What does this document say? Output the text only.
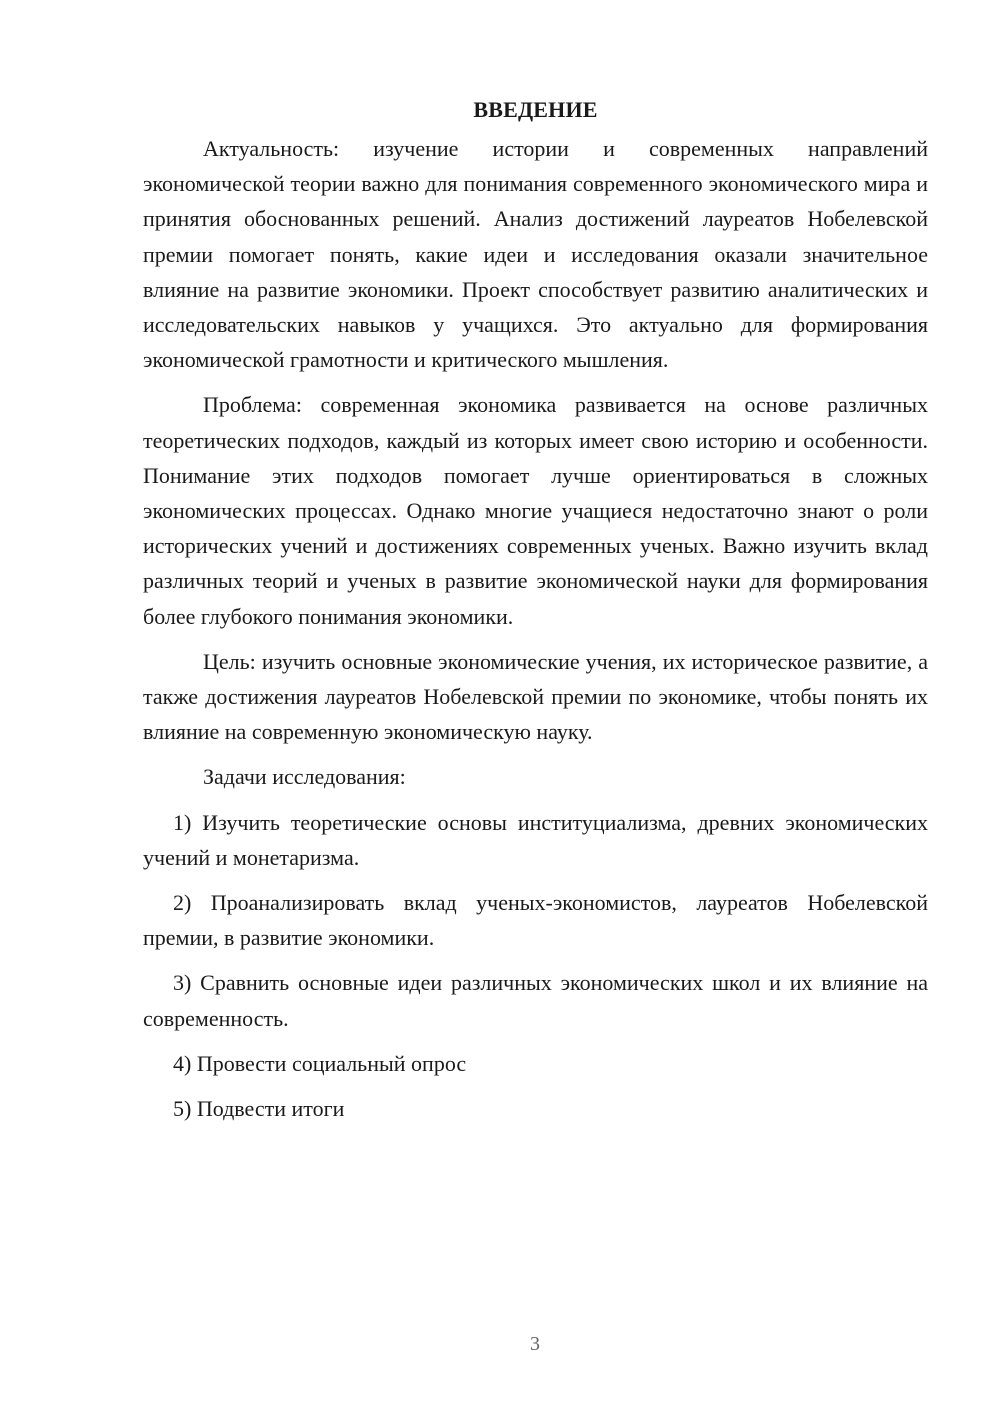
ВВЕДЕНИЕ

Актуальность: изучение истории и современных направлений экономической теории важно для понимания современного экономического мира и принятия обоснованных решений. Анализ достижений лауреатов Нобелевской премии помогает понять, какие идеи и исследования оказали значительное влияние на развитие экономики. Проект способствует развитию аналитических и исследовательских навыков у учащихся. Это актуально для формирования экономической грамотности и критического мышления.

Проблема: современная экономика развивается на основе различных теоретических подходов, каждый из которых имеет свою историю и особенности. Понимание этих подходов помогает лучше ориентироваться в сложных экономических процессах. Однако многие учащиеся недостаточно знают о роли исторических учений и достижениях современных ученых. Важно изучить вклад различных теорий и ученых в развитие экономической науки для формирования более глубокого понимания экономики.

Цель: изучить основные экономические учения, их историческое развитие, а также достижения лауреатов Нобелевской премии по экономике, чтобы понять их влияние на современную экономическую науку.

Задачи исследования:

1) Изучить теоретические основы институциализма, древних экономических учений и монетаризма.

2) Проанализировать вклад ученых-экономистов, лауреатов Нобелевской премии, в развитие экономики.

3) Сравнить основные идеи различных экономических школ и их влияние на современность.

4) Провести социальный опрос

5) Подвести итоги

3
